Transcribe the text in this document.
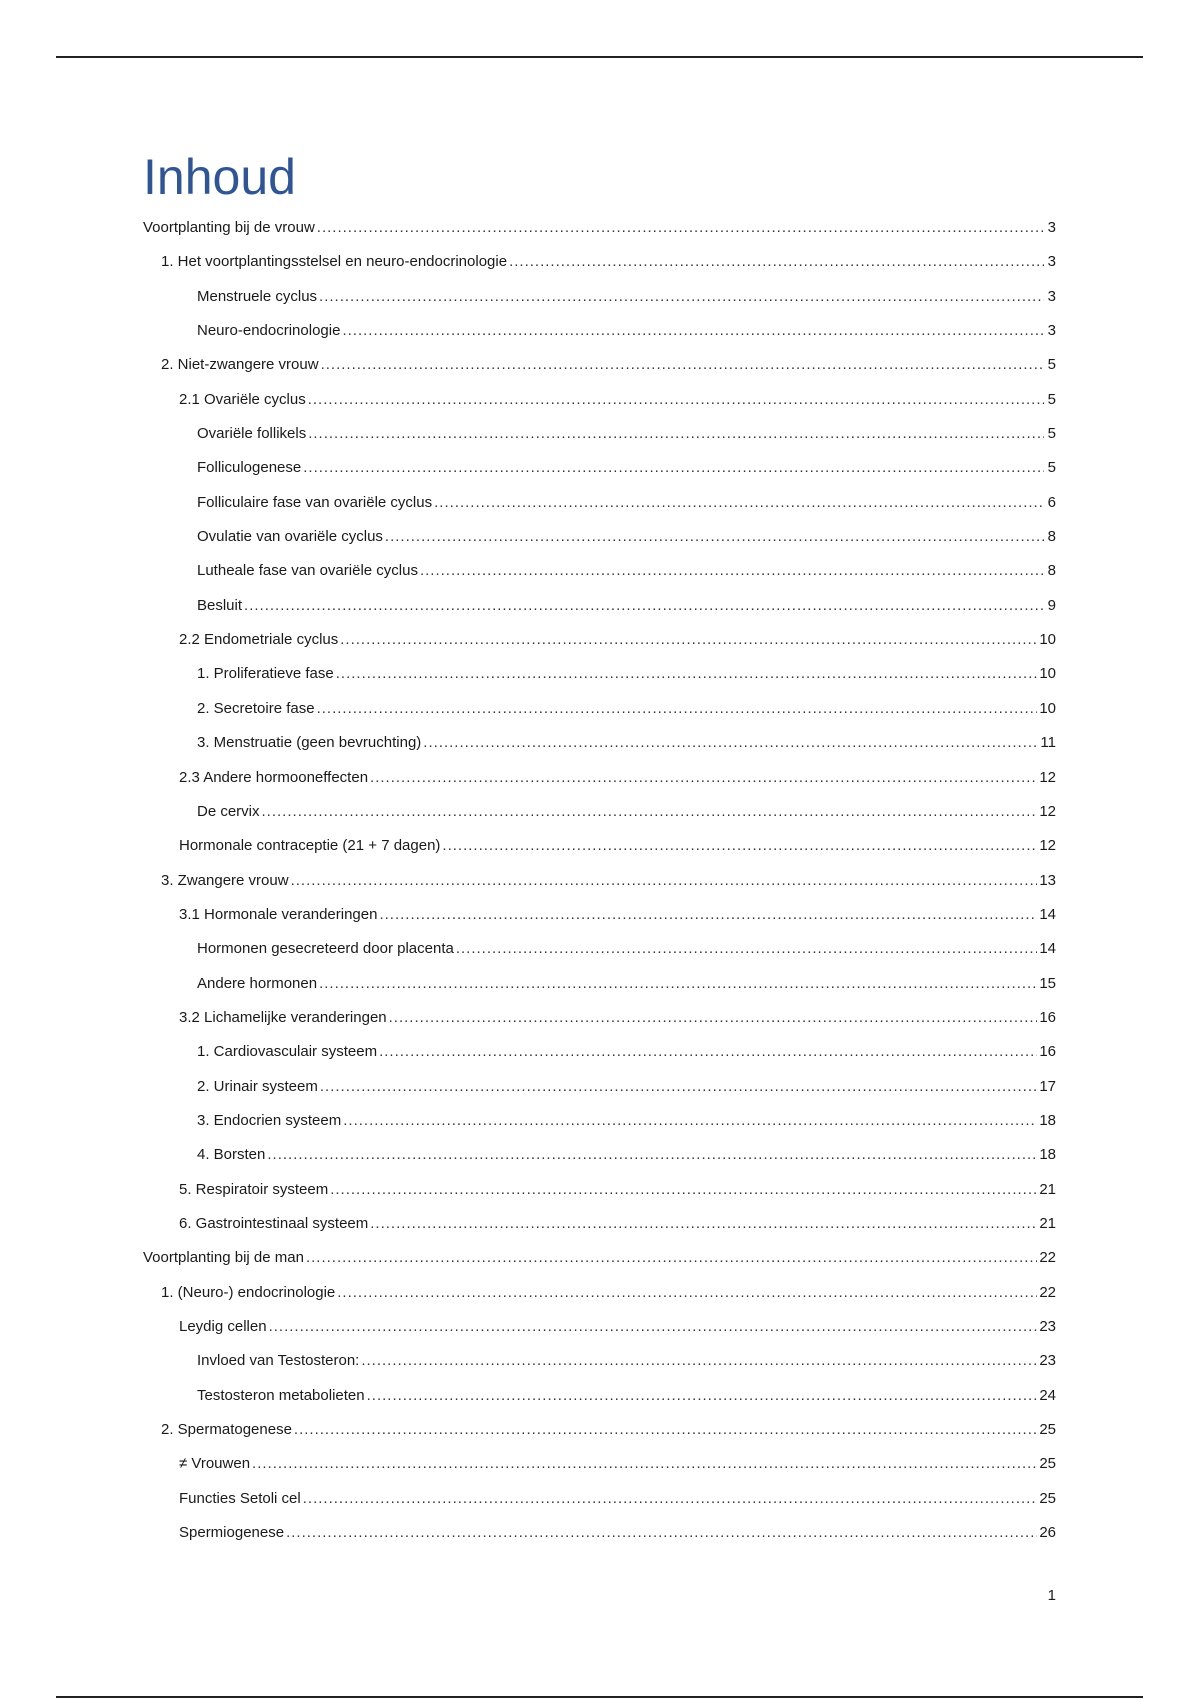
Inhoud
Voortplanting bij de vrouw .....	3
1. Het voortplantingsstelsel en neuro-endocrinologie .....	3
Menstruele cyclus .....	3
Neuro-endocrinologie .....	3
2. Niet-zwangere vrouw .....	5
2.1 Ovariële cyclus .....	5
Ovariële follikels .....	5
Folliculogenese .....	5
Folliculaire fase van ovariële cyclus .....	6
Ovulatie van ovariële cyclus .....	8
Lutheale fase van ovariële cyclus .....	8
Besluit .....	9
2.2 Endometriale cyclus .....	10
1. Proliferatieve fase .....	10
2. Secretoire fase .....	10
3. Menstruatie (geen bevruchting) .....	11
2.3 Andere hormooneffecten .....	12
De cervix .....	12
Hormonale contraceptie (21 + 7 dagen) .....	12
3. Zwangere vrouw .....	13
3.1 Hormonale veranderingen .....	14
Hormonen gesecreteerd door placenta .....	14
Andere hormonen .....	15
3.2 Lichamelijke veranderingen .....	16
1. Cardiovasculair systeem .....	16
2. Urinair systeem .....	17
3. Endocrien systeem .....	18
4. Borsten .....	18
5. Respiratoir systeem .....	21
6. Gastrointestinaal systeem .....	21
Voortplanting bij de man .....	22
1. (Neuro-) endocrinologie .....	22
Leydig cellen .....	23
Invloed van Testosteron: .....	23
Testosteron metabolieten .....	24
2. Spermatogenese .....	25
≠ Vrouwen .....	25
Functies Setoli cel .....	25
Spermiogenese .....	26
1
